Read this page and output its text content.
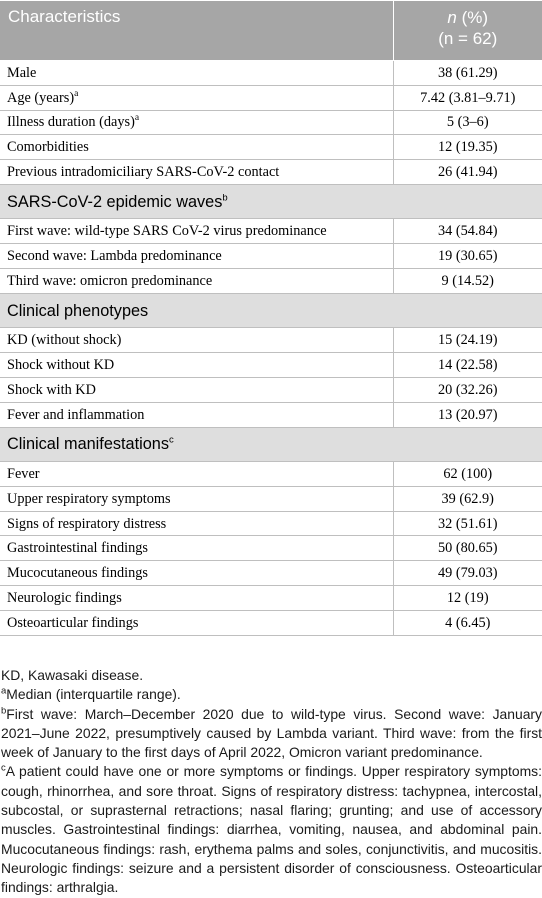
Characteristics	n (%)
(n = 62)

Male	38 (61.29)
Age (years)$^a$	7.42 (3.81–9.71)
Illness duration (days)$^a$	5 (3–6)
Comorbidities	12 (19.35)
Previous intradomiciliary SARS-CoV-2 contact	26 (41.94)
SARS-CoV-2 epidemic waves$^b$
First wave: wild-type SARS CoV-2 virus predominance	34 (54.84)
Second wave: Lambda predominance	19 (30.65)
Third wave: omicron predominance	9 (14.52)
Clinical phenotypes	
KD (without shock)	15 (24.19)
Shock without KD	14 (22.58)
Shock with KD	20 (32.26)
Fever and inflammation	13 (20.97)
Clinical manifestations$^c$
Fever	62 (100)
Upper respiratory symptoms	39 (62.9)
Signs of respiratory distress	32 (51.61)
Gastrointestinal findings	50 (80.65)
Mucocutaneous findings	49 (79.03)
Neurologic findings	12 (19)
Osteoarticular findings	4 (6.45)

KD, Kawasaki disease.

$^a$Median (interquartile range).

$^b$First wave: March–December 2020 due to wild-type virus. Second wave: January 2021–June 2022, presumptively caused by Lambda variant. Third wave: from the first week of January to the first days of April 2022, Omicron variant predominance.

$^c$A patient could have one or more symptoms or findings. Upper respiratory symptoms: cough, rhinorrhea, and sore throat. Signs of respiratory distress: tachypnea, intercostal, subcostal, or suprasternal retractions; nasal flaring; grunting; and use of accessory muscles. Gastrointestinal findings: diarrhea, vomiting, nausea, and abdominal pain. Mucocutaneous findings: rash, erythema palms and soles, conjunctivitis, and mucositis. Neurologic findings: seizure and a persistent disorder of consciousness. Osteoarticular findings: arthralgia.
